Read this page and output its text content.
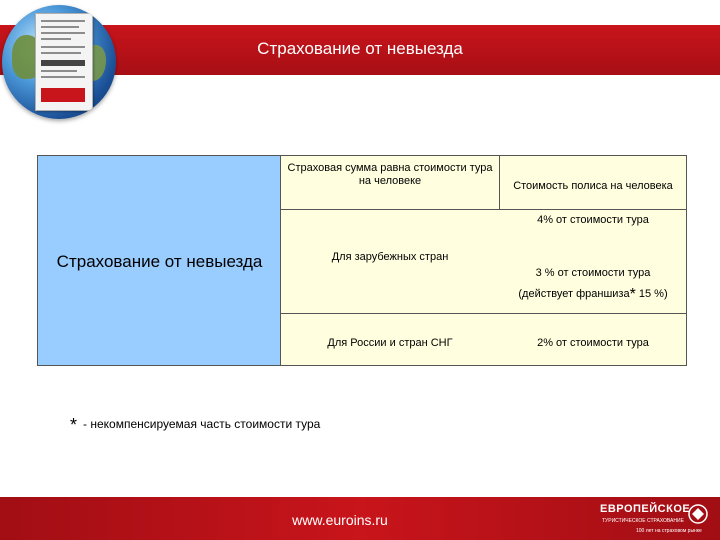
Страхование от невыезда
Страхование от невыезда
Страховая сумма равна стоимости тура на человеке	Стоимость полиса на человека
Для зарубежных стран
4% от стоимости тура
3 % от стоимости тура
(действует франшиза* 15 %)
Для России и стран СНГ	2% от стоимости тура
* - некомпенсируемая часть стоимости тура
www.euroins.ru
ЕВРОПЕЙСКОЕ
ТУРИСТИЧЕСКОЕ СТРАХОВАНИЕ
100 лет на страховом рынке
